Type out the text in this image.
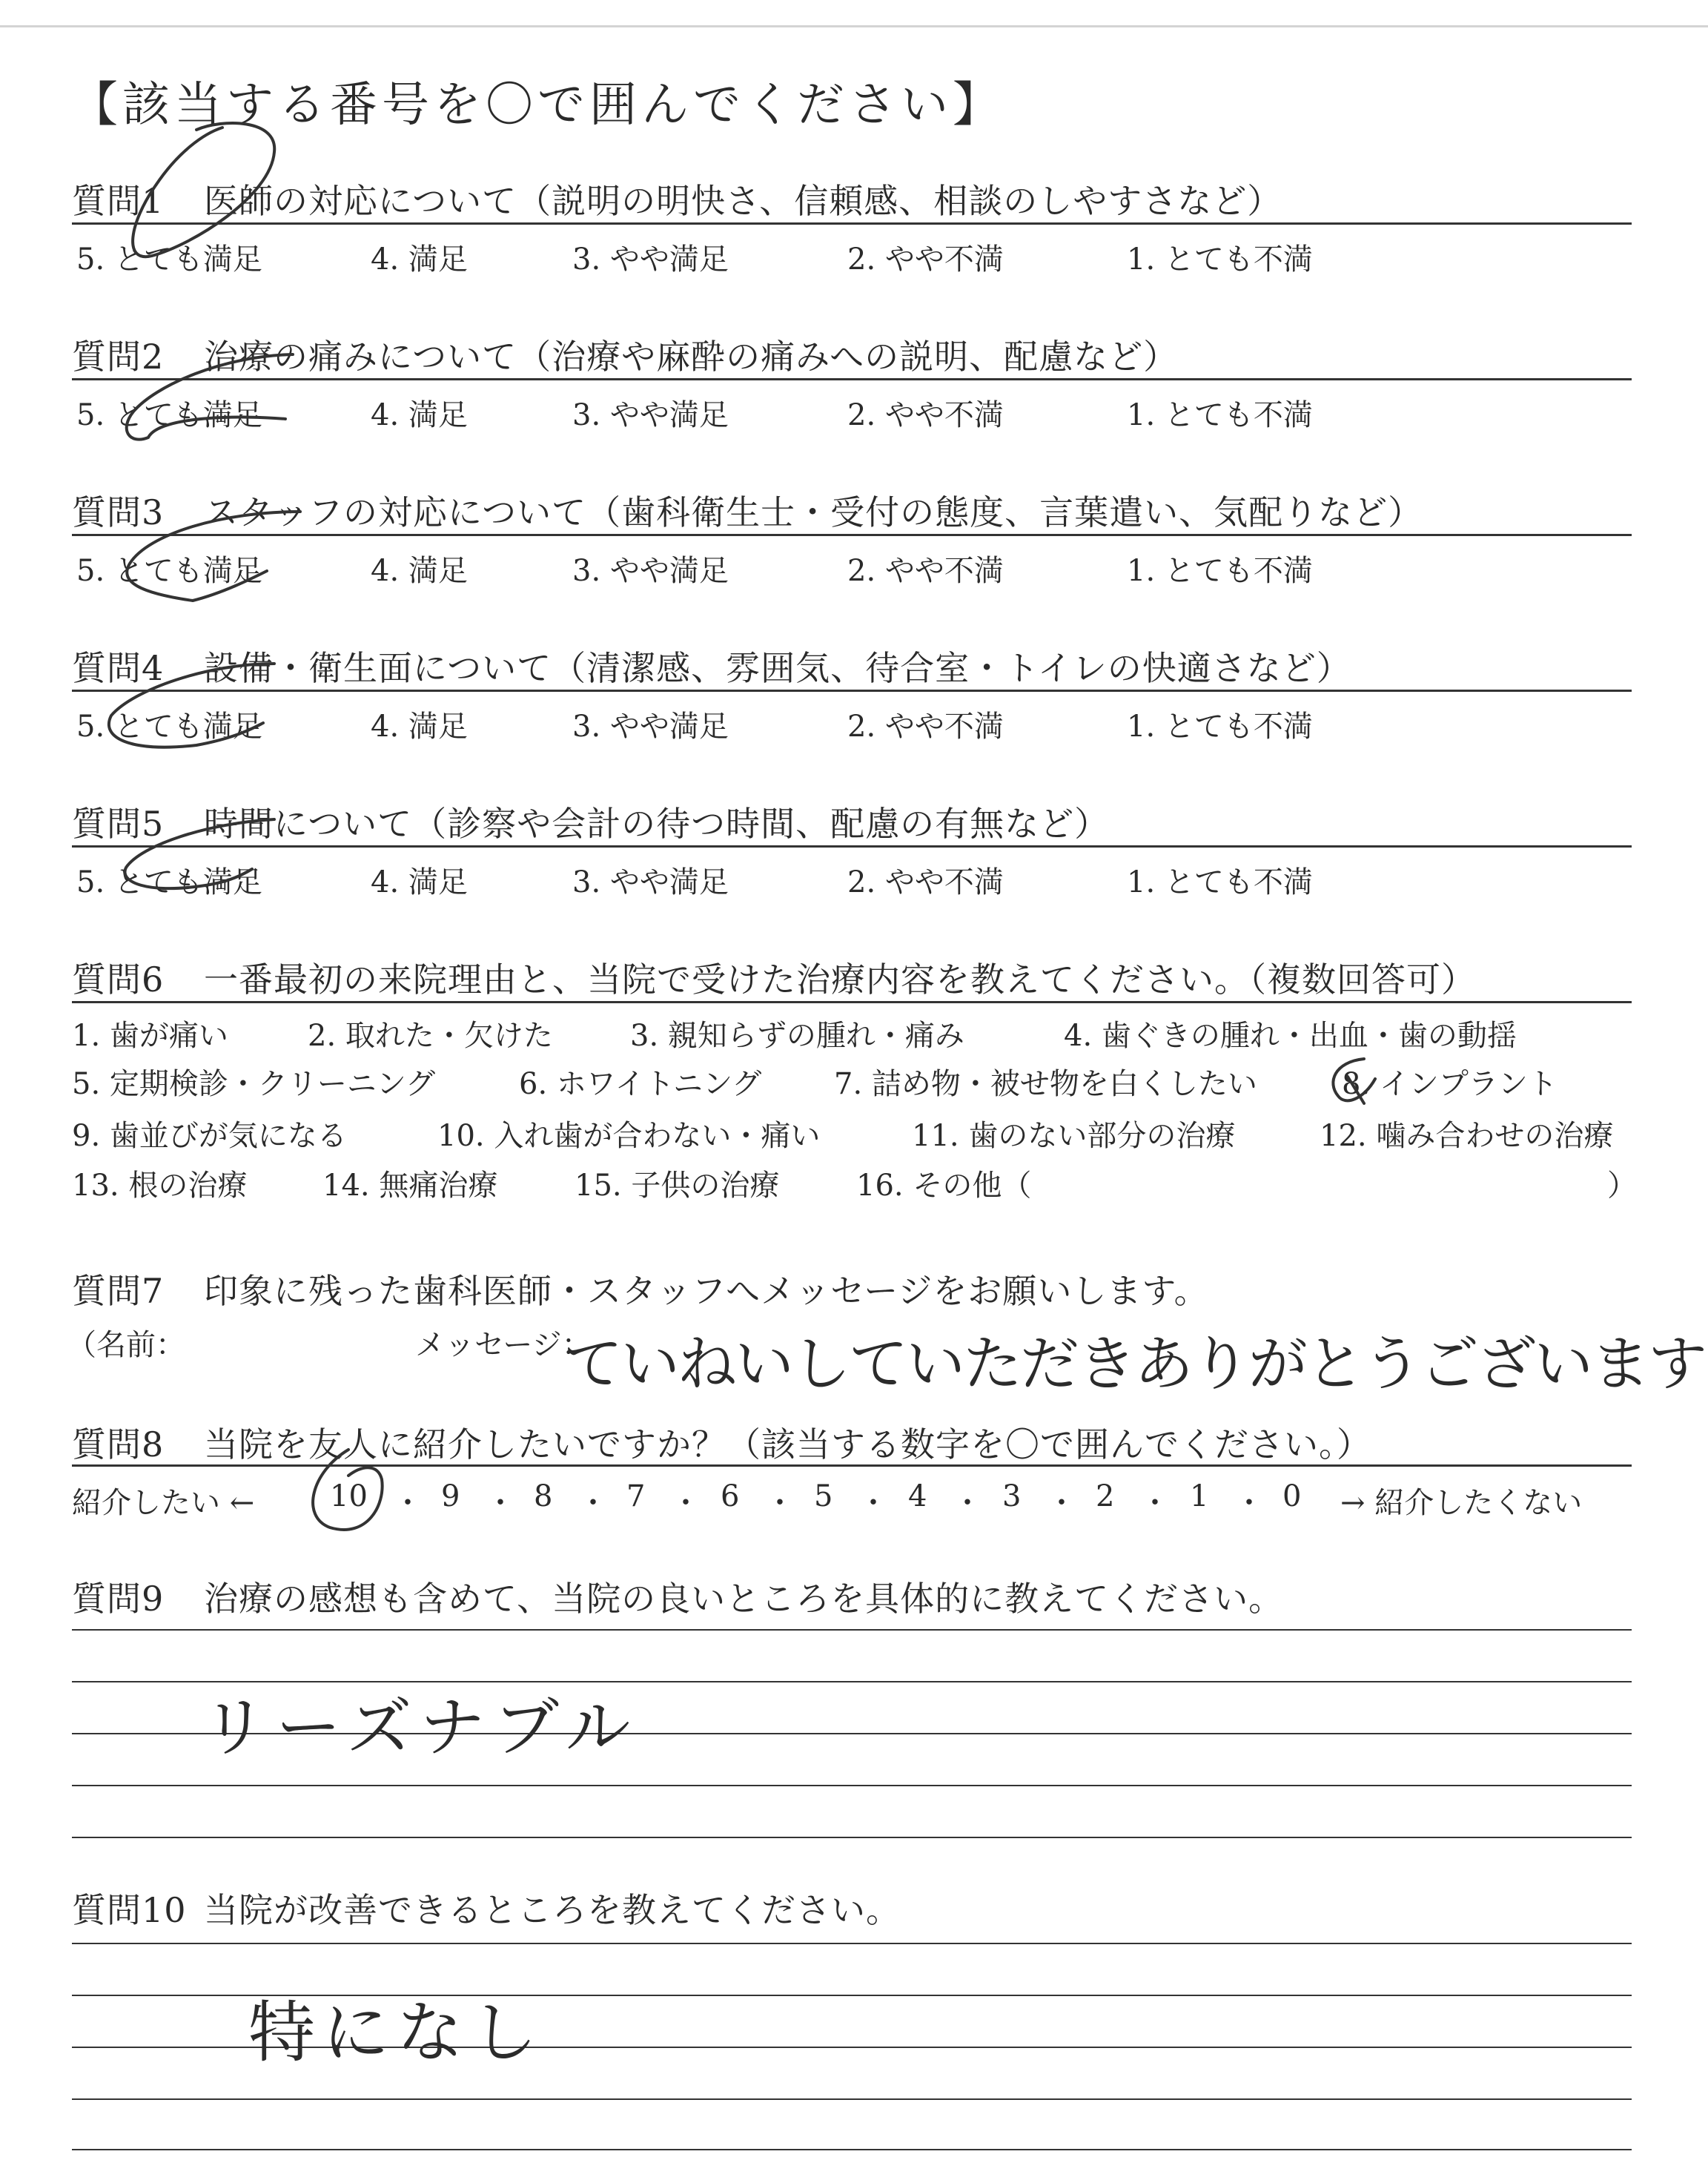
【該当する番号を〇で囲んでください】
質問1 医師の対応について（説明の明快さ、信頼感、相談のしやすさなど）
5. とても満足	4. 満足	3. やや満足	2. やや不満	1. とても不満
質問2 治療の痛みについて（治療や麻酔の痛みへの説明、配慮など）
5. とても満足	4. 満足	3. やや満足	2. やや不満	1. とても不満
質問3 スタッフの対応について（歯科衛生士・受付の態度、言葉遣い、気配りなど）
5. とても満足	4. 満足	3. やや満足	2. やや不満	1. とても不満
質問4 設備・衛生面について（清潔感、雰囲気、待合室・トイレの快適さなど）
5. とても満足	4. 満足	3. やや満足	2. やや不満	1. とても不満
質問5 時間について（診察や会計の待つ時間、配慮の有無など）
5. とても満足	4. 満足	3. やや満足	2. やや不満	1. とても不満
質問6 一番最初の来院理由と、当院で受けた治療内容を教えてください。（複数回答可）
1. 歯が痛い	2. 取れた・欠けた	3. 親知らずの腫れ・痛み	4. 歯ぐきの腫れ・出血・歯の動揺
5. 定期検診・クリーニング	6. ホワイトニング 7. 詰め物・被せ物を白くしたい	8. インプラント
9. 歯並びが気になる	10. 入れ歯が合わない・痛い	11. 歯のない部分の治療	12. 噛み合わせの治療
13. 根の治療	14. 無痛治療	15. 子供の治療	16. その他（	）
質問7 印象に残った歯科医師・スタッフへメッセージをお願いします。
（名前：	メッセージ：
ていねいしていただきありがとうございます
質問8 当院を友人に紹介したいですか？（該当する数字を〇で囲んでください。）
紹介したい ←	10 ・ 9 ・ 8 ・ 7 ・ 6 ・ 5 ・ 4 ・ 3 ・ 2 ・ 1 ・ 0 → 紹介したくない
質問9 治療の感想も含めて、当院の良いところを具体的に教えてください。
リーズナブル
質問10 当院が改善できるところを教えてください。
特になし
